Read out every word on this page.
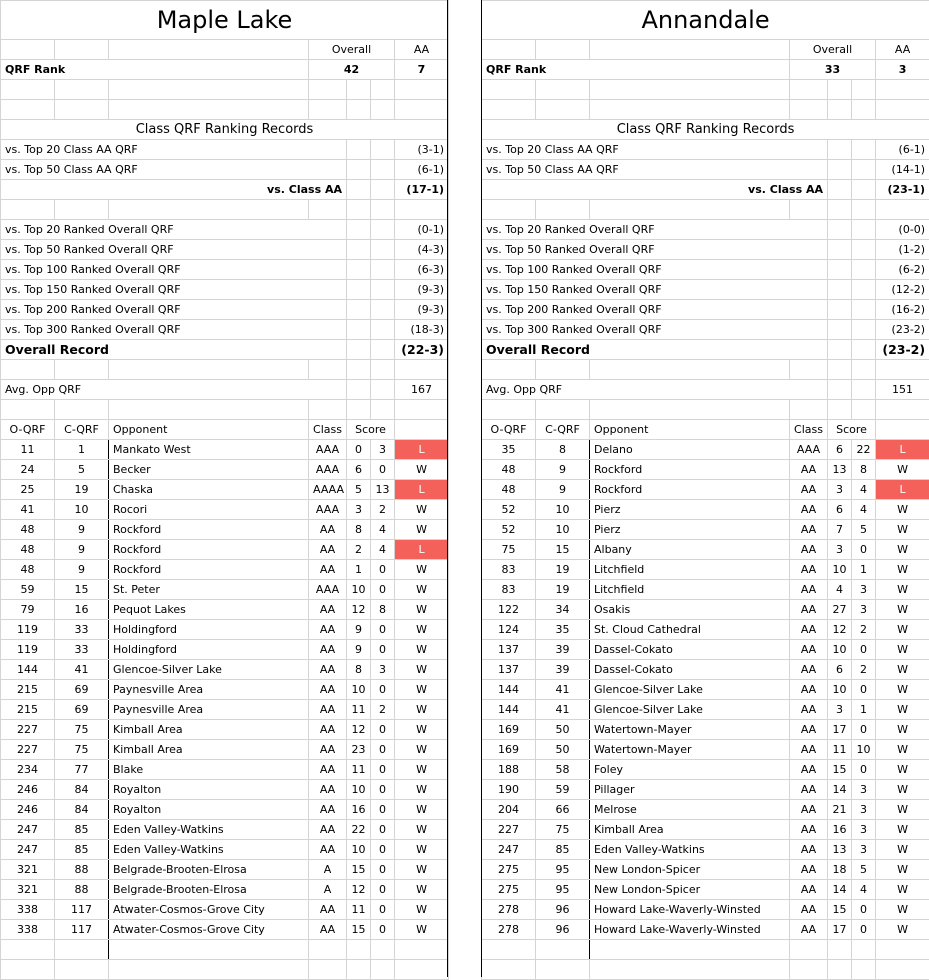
Maple Lake						
			Overall			AA
QRF Rank			42			7

Class QRF Ranking Records						
vs. Top 20 Class AA QRF						(3-1)
vs. Top 50 Class AA QRF						(6-1)
vs. Class AA						(17-1)

vs. Top 20 Ranked Overall QRF						(0-1)
vs. Top 50 Ranked Overall QRF						(4-3)
vs. Top 100 Ranked Overall QRF						(6-3)
vs. Top 150 Ranked Overall QRF						(9-3)
vs. Top 200 Ranked Overall QRF						(9-3)
vs. Top 300 Ranked Overall QRF						(18-3)
Overall Record						(22-3)

Avg. Opp QRF						167

O-QRF	C-QRF	Opponent	Class	Score		
11	1	Mankato West	AAA	0	3	L
24	5	Becker	AAA	6	0	W
25	19	Chaska	AAAA	5	13	L
41	10	Rocori	AAA	3	2	W
48	9	Rockford	AA	8	4	W
48	9	Rockford	AA	2	4	L
48	9	Rockford	AA	1	0	W
59	15	St. Peter	AAA	10	0	W
79	16	Pequot Lakes	AA	12	8	W
119	33	Holdingford	AA	9	0	W
119	33	Holdingford	AA	9	0	W
144	41	Glencoe-Silver Lake	AA	8	3	W
215	69	Paynesville Area	AA	10	0	W
215	69	Paynesville Area	AA	11	2	W
227	75	Kimball Area	AA	12	0	W
227	75	Kimball Area	AA	23	0	W
234	77	Blake	AA	11	0	W
246	84	Royalton	AA	10	0	W
246	84	Royalton	AA	16	0	W
247	85	Eden Valley-Watkins	AA	22	0	W
247	85	Eden Valley-Watkins	AA	10	0	W
321	88	Belgrade-Brooten-Elrosa	A	15	0	W
321	88	Belgrade-Brooten-Elrosa	A	12	0	W
338	117	Atwater-Cosmos-Grove City	AA	11	0	W
338	117	Atwater-Cosmos-Grove City	AA	15	0	W

Annandale						
			Overall			AA
QRF Rank			33			3

Class QRF Ranking Records						
vs. Top 20 Class AA QRF						(6-1)
vs. Top 50 Class AA QRF						(14-1)
vs. Class AA						(23-1)

vs. Top 20 Ranked Overall QRF						(0-0)
vs. Top 50 Ranked Overall QRF						(1-2)
vs. Top 100 Ranked Overall QRF						(6-2)
vs. Top 150 Ranked Overall QRF						(12-2)
vs. Top 200 Ranked Overall QRF						(16-2)
vs. Top 300 Ranked Overall QRF						(23-2)
Overall Record						(23-2)

Avg. Opp QRF						151

O-QRF	C-QRF	Opponent	Class	Score		
35	8	Delano	AAA	6	22	L
48	9	Rockford	AA	13	8	W
48	9	Rockford	AA	3	4	L
52	10	Pierz	AA	6	4	W
52	10	Pierz	AA	7	5	W
75	15	Albany	AA	3	0	W
83	19	Litchfield	AA	10	1	W
83	19	Litchfield	AA	4	3	W
122	34	Osakis	AA	27	3	W
124	35	St. Cloud Cathedral	AA	12	2	W
137	39	Dassel-Cokato	AA	10	0	W
137	39	Dassel-Cokato	AA	6	2	W
144	41	Glencoe-Silver Lake	AA	10	0	W
144	41	Glencoe-Silver Lake	AA	3	1	W
169	50	Watertown-Mayer	AA	17	0	W
169	50	Watertown-Mayer	AA	11	10	W
188	58	Foley	AA	15	0	W
190	59	Pillager	AA	14	3	W
204	66	Melrose	AA	21	3	W
227	75	Kimball Area	AA	16	3	W
247	85	Eden Valley-Watkins	AA	13	3	W
275	95	New London-Spicer	AA	18	5	W
275	95	New London-Spicer	AA	14	4	W
278	96	Howard Lake-Waverly-Winsted	AA	15	0	W
278	96	Howard Lake-Waverly-Winsted	AA	17	0	W
